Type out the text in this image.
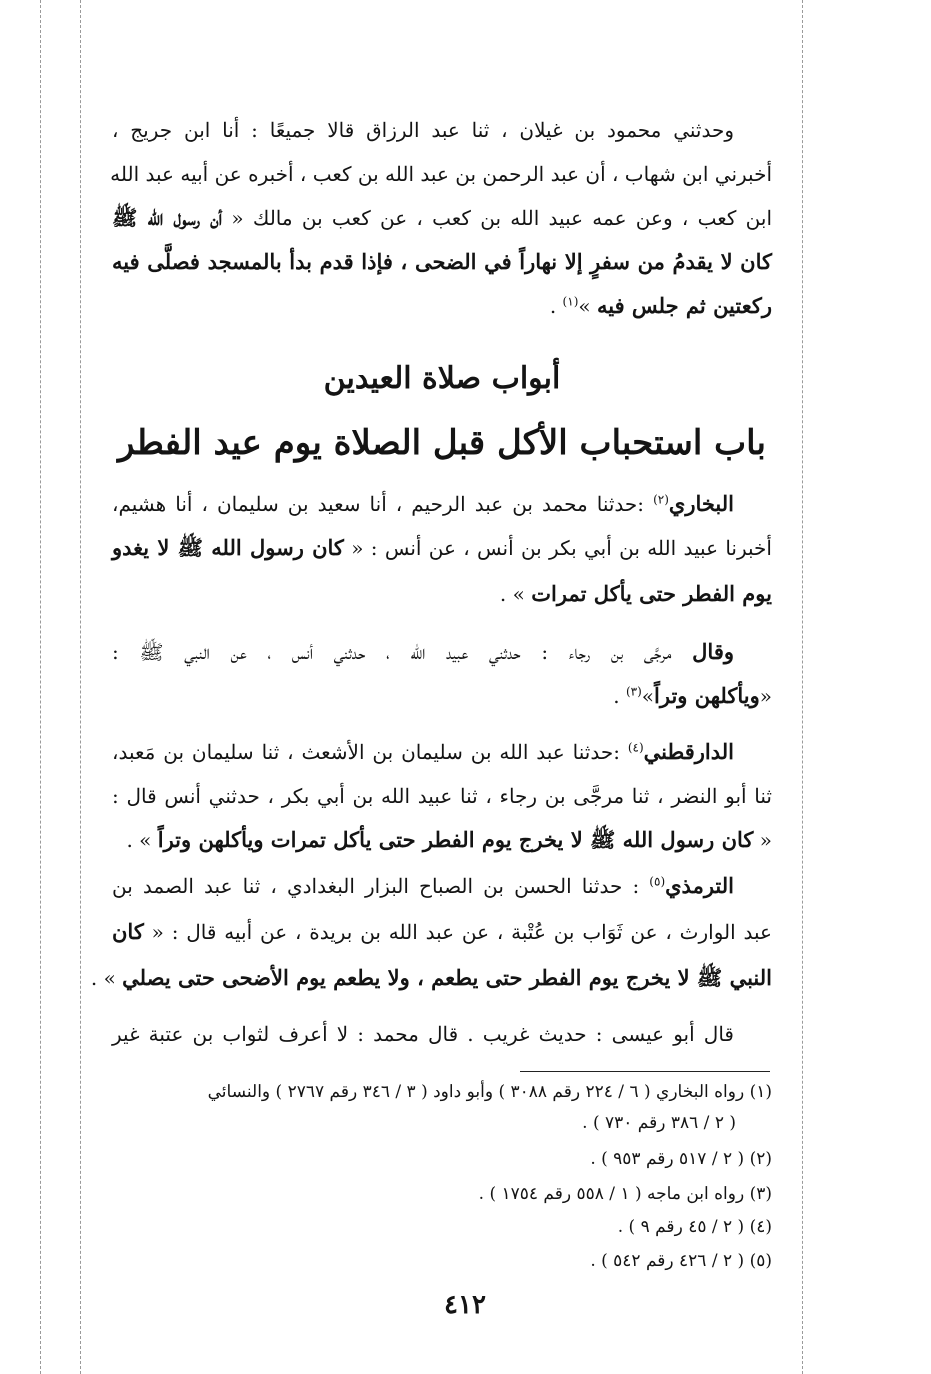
وحدثني محمود بن غيلان ، ثنا عبد الرزاق قالا جميعًا : أنا ابن جريج ،
أخبرني ابن شهاب ، أن عبد الرحمن بن عبد الله بن كعب ، أخبره عن أبيه عبد الله
ابن كعب ، وعن عمه عبيد الله بن كعب ، عن كعب بن مالك « أن رسول الله ﷺ
كان لا يقدمُ من سفرٍ إلا نهاراً في الضحى ، فإذا قدم بدأ بالمسجد فصلَّى فيه
ركعتين ثم جلس فيه »$^{(١)}$ .
أبواب صلاة العيدين
باب استحباب الأكل قبل الصلاة يوم عيد الفطر
البخاري$^{(٢)}$ :حدثنا محمد بن عبد الرحيم ، أنا سعيد بن سليمان ، أنا هشيم،
أخبرنا عبيد الله بن أبي بكر بن أنس ، عن أنس : « كان رسول الله ﷺ لا يغدو
يوم الفطر حتى يأكل تمرات » .
وقال مرجَّى بن رجاء : حدثني عبيد الله ، حدثني أنس ، عن النبي ﷺ :
«ويأكلهن وتراً»$^{(٣)}$ .
الدارقطني$^{(٤)}$ :حدثنا عبد الله بن سليمان بن الأشعث ، ثنا سليمان بن مَعبد،
ثنا أبو النضر ، ثنا مرجَّى بن رجاء ، ثنا عبيد الله بن أبي بكر ، حدثني أنس قال :
« كان رسول الله ﷺ لا يخرج يوم الفطر حتى يأكل تمرات ويأكلهن وتراً » .
الترمذي$^{(٥)}$ : حدثنا الحسن بن الصباح البزار البغدادي ، ثنا عبد الصمد بن
عبد الوارث ، عن ثَوَاب بن عُتْبة ، عن عبد الله بن بريدة ، عن أبيه قال : « كان
النبي ﷺ لا يخرج يوم الفطر حتى يطعم ، ولا يطعم يوم الأضحى حتى يصلي » .
قال أبو عيسى : حديث غريب . قال محمد : لا أعرف لثواب بن عتبة غير
(١) رواه البخاري ( ٦ / ٢٢٤ رقم ٣٠٨٨ ) وأبو داود ( ٣ / ٣٤٦ رقم ٢٧٦٧ ) والنسائي
( ٢ / ٣٨٦ رقم ٧٣٠ ) .
(٢) ( ٢ / ٥١٧ رقم ٩٥٣ ) .
(٣) رواه ابن ماجه ( ١ / ٥٥٨ رقم ١٧٥٤ ) .
(٤) ( ٢ / ٤٥ رقم ٩ ) .
(٥) ( ٢ / ٤٢٦ رقم ٥٤٢ ) .
٤١٢
